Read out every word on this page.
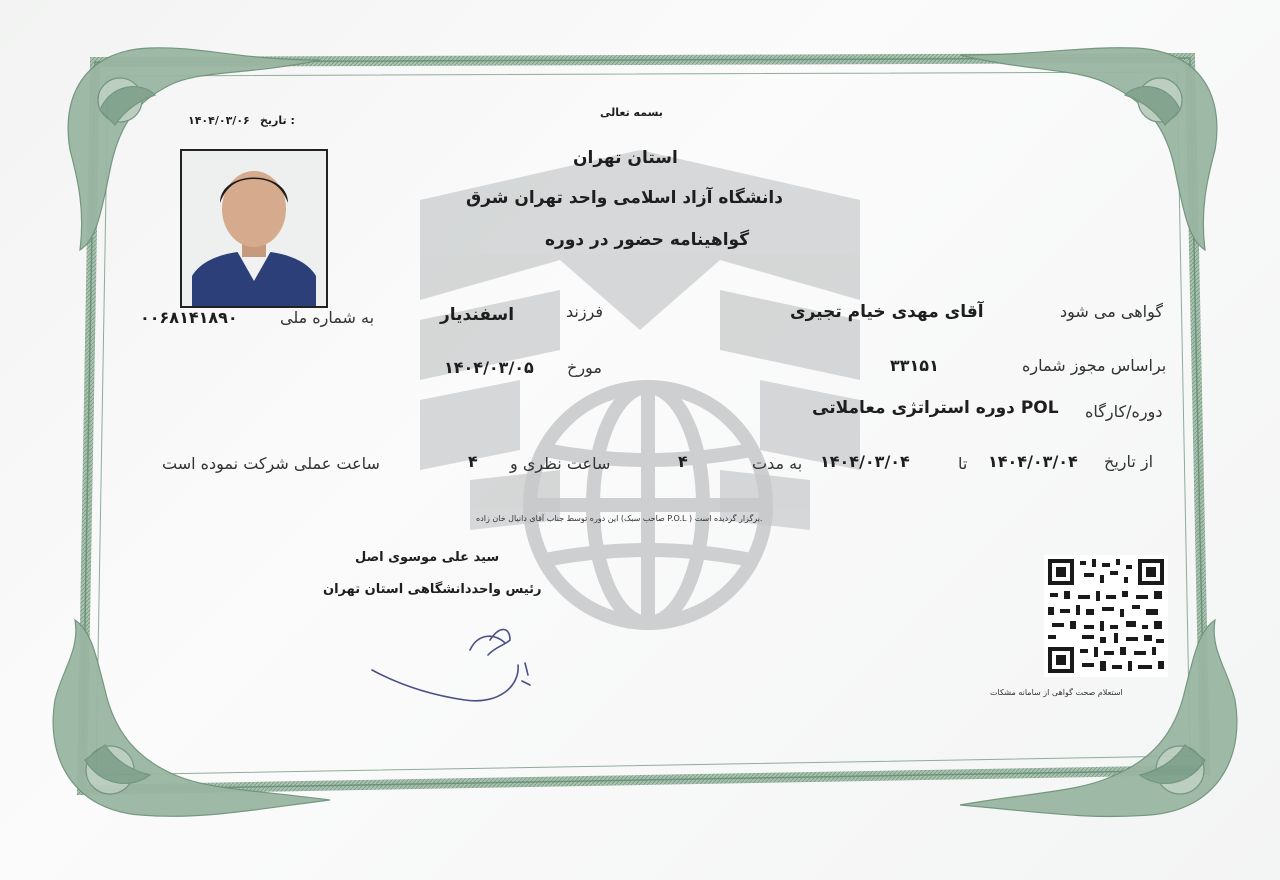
بسمه تعالی
۱۴۰۴/۰۳/۰۶ تاریخ :
استان تهران
دانشگاه آزاد اسلامی واحد تهران شرق
گواهینامه حضور در دوره
گواهی می شود
آقای مهدی خیام تجیری
فرزند
اسفندیار
به شماره ملی
۰۰۶۸۱۴۱۸۹۰
براساس مجوز شماره
۳۳۱۵۱
مورخ
۱۴۰۴/۰۳/۰۵
دوره/کارگاه
دوره استراتژی معاملاتی POL
از تاریخ
۱۴۰۴/۰۳/۰۴
تا
۱۴۰۴/۰۳/۰۴
به مدت
۴
ساعت نظری و
۴
ساعت عملی شرکت نموده است
این دوره توسط جناب آقای دانیال خان زاده (صاحب سبک P.O.L ) برگزار گردیده است.
سید علی موسوی اصل
رئیس واحددانشگاهی استان تهران
استعلام صحت گواهی از سامانه مشکات
